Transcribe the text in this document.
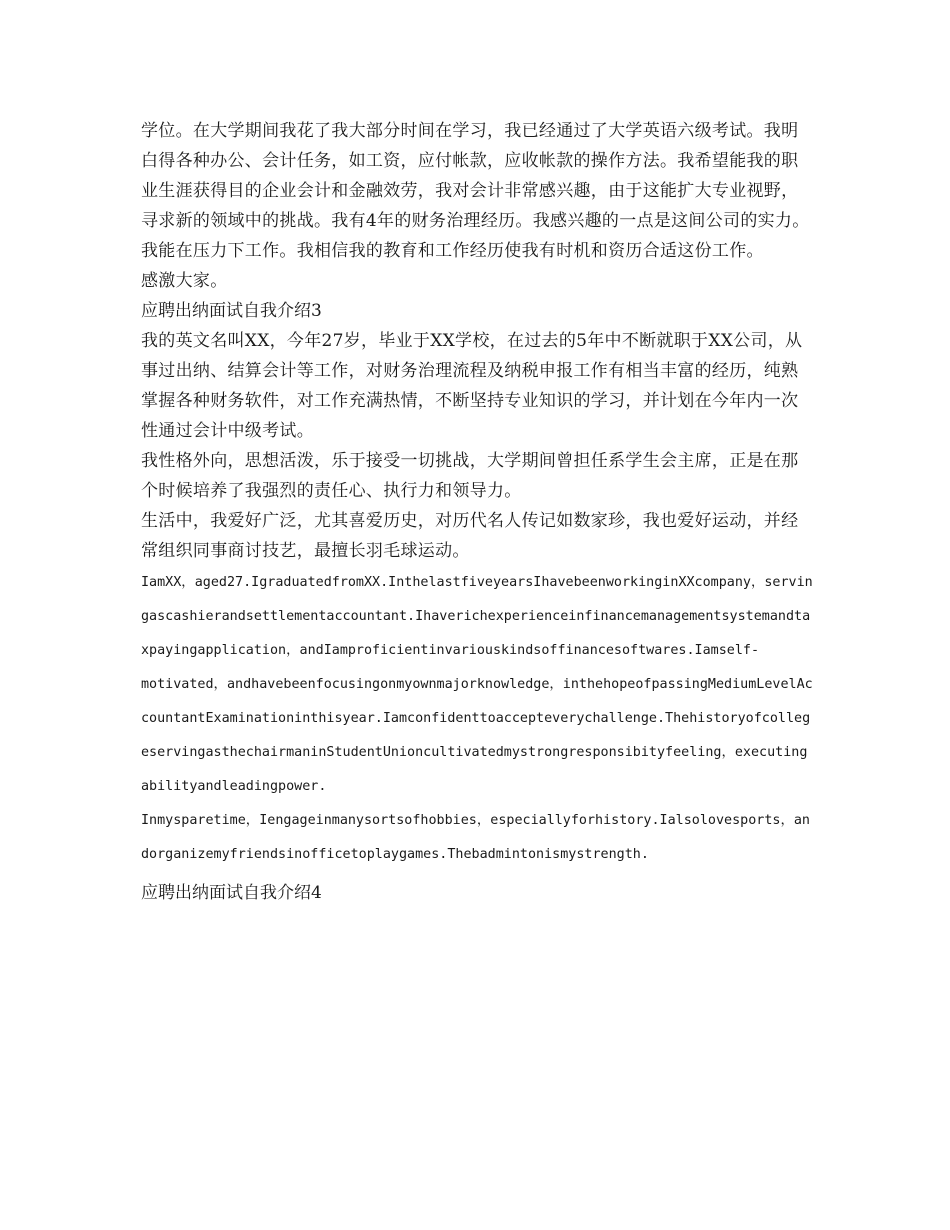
学位。在大学期间我花了我大部分时间在学习，我已经通过了大学英语六级考试。我明白得各种办公、会计任务，如工资，应付帐款，应收帐款的操作方法。我希望能我的职业生涯获得目的企业会计和金融效劳，我对会计非常感兴趣，由于这能扩大专业视野，寻求新的领域中的挑战。我有4年的财务治理经历。我感兴趣的一点是这间公司的实力。我能在压力下工作。我相信我的教育和工作经历使我有时机和资历合适这份工作。

感激大家。

应聘出纳面试自我介绍3

我的英文名叫XX，今年27岁，毕业于XX学校，在过去的5年中不断就职于XX公司，从事过出纳、结算会计等工作，对财务治理流程及纳税申报工作有相当丰富的经历，纯熟掌握各种财务软件，对工作充满热情，不断坚持专业知识的学习，并计划在今年内一次性通过会计中级考试。

我性格外向，思想活泼，乐于接受一切挑战，大学期间曾担任系学生会主席，正是在那个时候培养了我强烈的责任心、执行力和领导力。

生活中，我爱好广泛，尤其喜爱历史，对历代名人传记如数家珍，我也爱好运动，并经常组织同事商讨技艺，最擅长羽毛球运动。

IamXX，aged27.IgraduatedfromXX.InthelastfiveyearsIhavebeenworkinginXXcompany，servingascashierandsettlementaccountant.Ihaverichexperienceinfinancemanagementsystemandtaxpayingapplication，andIamproficientinvariouskindsoffinancesoftwares.Iamself-

motivated，andhavebeenfocusingonmyownmajorknowledge，inthehopeofpassingMediumLevelAccountantExaminationinthisyear.Iamconfidenttoaccepteverychallenge.ThehistoryofcollegeservingasthechairmaninStudentUnioncultivatedmystrongresponsibityfeeling，executingabilityandleadingpower.

Inmysparetime，Iengageinmanysortsofhobbies，especiallyforhistory.Ialsolovesports，andorganizemyfriendsinofficetoplaygames.Thebadmintonismystrength.

应聘出纳面试自我介绍4
